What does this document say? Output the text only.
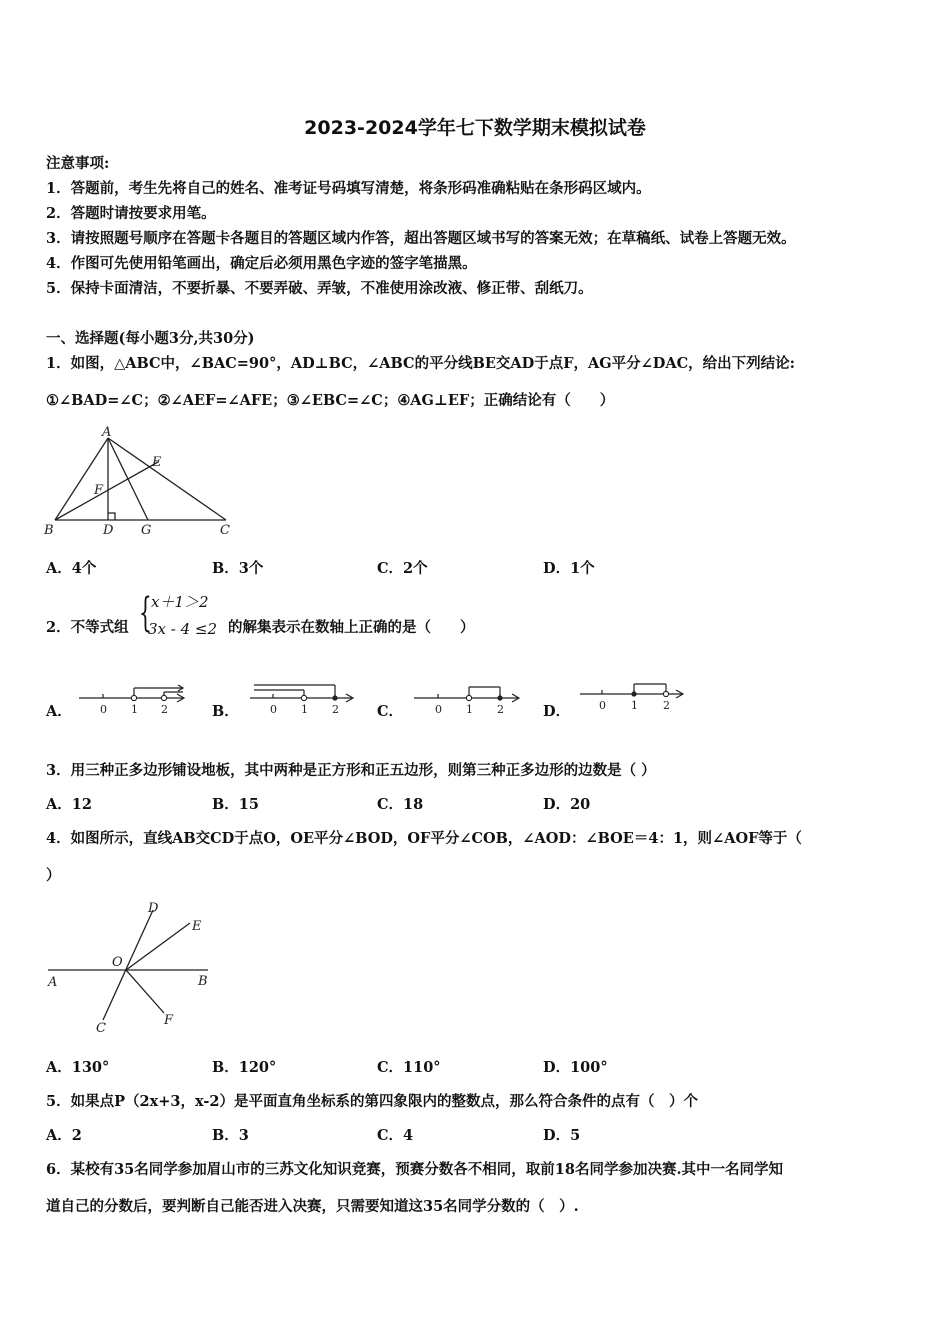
2023-2024学年七下数学期末模拟试卷
注意事项:
1．答题前，考生先将自己的姓名、准考证号码填写清楚，将条形码准确粘贴在条形码区域内。
2．答题时请按要求用笔。
3．请按照题号顺序在答题卡各题目的答题区域内作答，超出答题区域书写的答案无效；在草稿纸、试卷上答题无效。
4．作图可先使用铅笔画出，确定后必须用黑色字迹的签字笔描黑。
5．保持卡面清洁，不要折暴、不要弄破、弄皱，不准使用涂改液、修正带、刮纸刀。
一、选择题(每小题3分,共30分)
1．如图，△ABC中，∠BAC=90°，AD⊥BC，∠ABC的平分线BE交AD于点F，AG平分∠DAC，给出下列结论:
①∠BAD=∠C；②∠AEF=∠AFE；③∠EBC=∠C；④AG⊥EF；正确结论有（　　）
A
B	C
D
E
F
G
A．4个	B．3个	C．2个	D．1个
2．不等式组 { x＋1＞2
3x - 4 ≤2 的解集表示在数轴上正确的是（　　）
A．	0 1 2	B．	0 1 2	C．	0 1 2	D．	0 1 2
3．用三种正多边形铺设地板，其中两种是正方形和正五边形，则第三种正多边形的边数是（ ）
A．12	B．15	C．18	D．20
4．如图所示，直线AB交CD于点O，OE平分∠BOD，OF平分∠COB，∠AOD：∠BOE＝4：1，则∠AOF等于（
）
D
E
O
A	B
F
C
A．130°	B．120°	C．110°	D．100°
5．如果点P（2x+3，x-2）是平面直角坐标系的第四象限内的整数点，那么符合条件的点有（　）个
A．2	B．3	C．4	D．5
6．某校有35名同学参加眉山市的三苏文化知识竞赛，预赛分数各不相同，取前18名同学参加决赛.其中一名同学知
道自己的分数后，要判断自己能否进入决赛，只需要知道这35名同学分数的（　）.
